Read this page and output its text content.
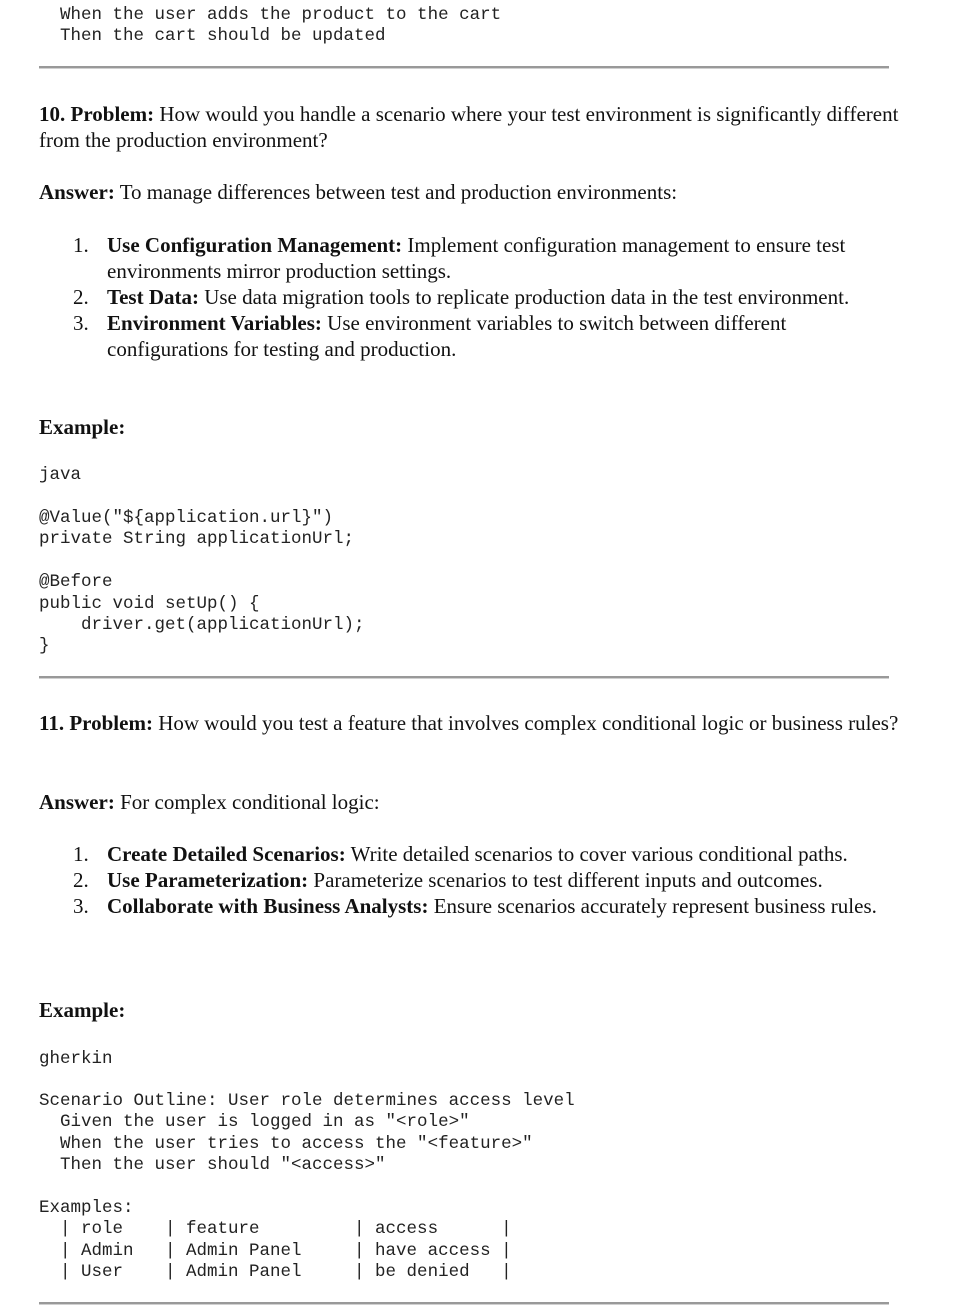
When the user adds the product to the cart
Then the cart should be updated

10. Problem: How would you handle a scenario where your test environment is significantly different from the production environment?

Answer: To manage differences between test and production environments:

1. Use Configuration Management: Implement configuration management to ensure test environments mirror production settings.
2. Test Data: Use data migration tools to replicate production data in the test environment.
3. Environment Variables: Use environment variables to switch between different configurations for testing and production.

Example:

java
@Value("${application.url}")
private String applicationUrl;

@Before
public void setUp() {
driver.get(applicationUrl);
}

11. Problem: How would you test a feature that involves complex conditional logic or business rules?

Answer: For complex conditional logic:

1. Create Detailed Scenarios: Write detailed scenarios to cover various conditional paths.
2. Use Parameterization: Parameterize scenarios to test different inputs and outcomes.
3. Collaborate with Business Analysts: Ensure scenarios accurately represent business rules.

Example:

gherkin
Scenario Outline: User role determines access level
Given the user is logged in as "<role>"
When the user tries to access the "<feature>"
Then the user should "<access>"

Examples:
| role    | feature         | access      |
| Admin   | Admin Panel     | have access |
| User    | Admin Panel     | be denied   |
